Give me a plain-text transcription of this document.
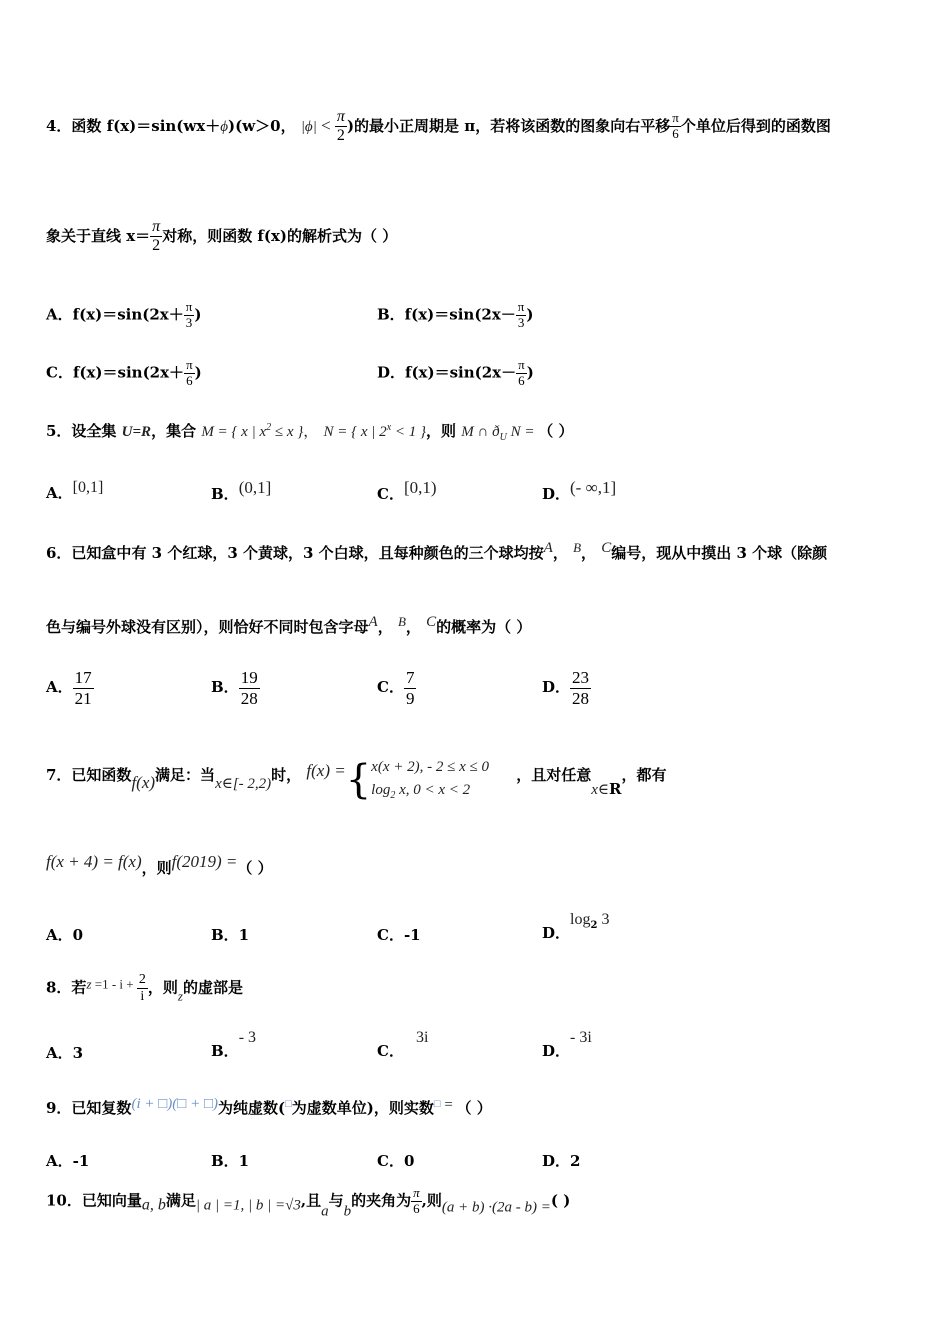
4．函数 f(x)＝sin(wx＋ϕ)(w＞0， $|\phi| < \frac{\pi}{2}$ )的最小正周期是 π，若将该函数的图象向右平移 $\frac{\pi}{6}$ 个单位后得到的函数图
象关于直线 $x= \frac{\pi}{2}$ 对称，则函数 f(x)的解析式为（ ）
A．$f(x)=\sin(2x+ \frac{\pi}{3}$ )	B．$f(x)=\sin(2x- \frac{\pi}{3}$ )
C．$f(x)=\sin(2x+ \frac{\pi}{6}$ )	D．$f(x)=\sin(2x- \frac{\pi}{6}$ )
5．设全集 U=R，集合 M = { x | $x^2 \le x$ }， N = { x | $2^x < 1$ }，则 M ∩ $ð_U$ N = （ ）
A．[0,1]	B．(0,1]	C．[0,1)	D．(- ∞,1]
6．已知盒中有 3 个红球，3 个黄球，3 个白球，且每种颜色的三个球均按A， B， C编号，现从中摸出 3 个球（除颜
色与编号外球没有区别），则恰好不同时包含字母A， B， C的概率为（ ）
A． $\frac{17}{21}$	B． $\frac{19}{28}$	C． $\frac{7}{9}$	D． $\frac{23}{28}$
7．已知函数f(x)满足：当x∈[- 2,2)时， f(x) ={ x(x + 2), - 2 ≤ x ≤ 0
$\log_2 x$, 0 < x < 2
，且对任意x∈R，都有
f(x + 4) = f(x)，则f(2019) =（ ）
A．0	B．1	C．-1	D．$\log_2 3$
8．若$z =1 - i + \frac{2}{i}$ ，则z的虚部是
A．3	B．- 3
C．3i
D．- 3i
9．已知复数(i + □)(□ + □)为纯虚数(□为虚数单位)，则实数□ = （ ）
A．-1	B．1	C．0	D．2
10．已知向量a, b满足| a | =1, | b | =√3,且a与b的夹角为 $\frac{\pi}{6}$ ,则(a + b) ·(2a - b) =( )
